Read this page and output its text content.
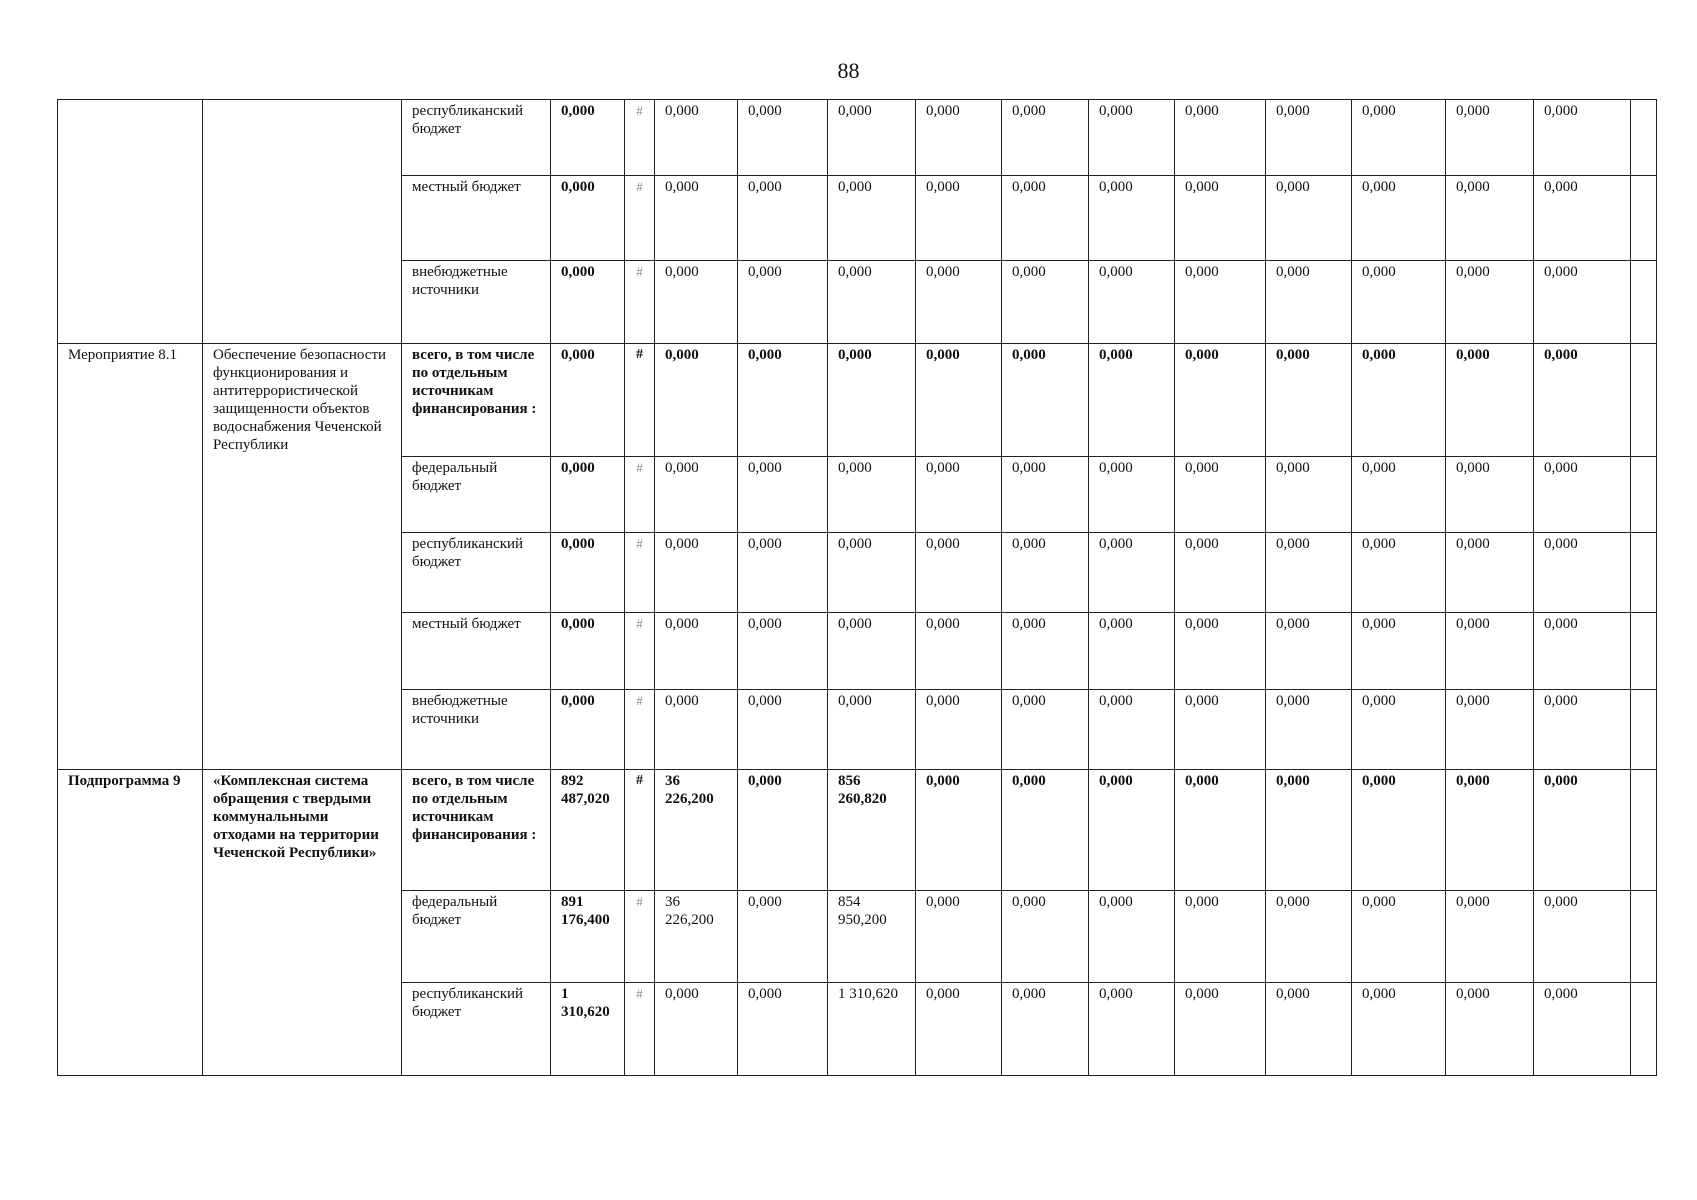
88
		республиканский бюджет	0,000	#	0,000	0,000	0,000	0,000	0,000	0,000	0,000	0,000	0,000	0,000	0,000	
		местный бюджет	0,000	#	0,000	0,000	0,000	0,000	0,000	0,000	0,000	0,000	0,000	0,000	0,000	
		внебюджетные источники	0,000	#	0,000	0,000	0,000	0,000	0,000	0,000	0,000	0,000	0,000	0,000	0,000	
Мероприятие 8.1	Обеспечение безопасности функционирования и антитеррористической защищенности объектов водоснабжения Чеченской Республики	всего, в том числе по отдельным источникам финансирования :	0,000	#	0,000	0,000	0,000	0,000	0,000	0,000	0,000	0,000	0,000	0,000	0,000	
		федеральный бюджет	0,000	#	0,000	0,000	0,000	0,000	0,000	0,000	0,000	0,000	0,000	0,000	0,000	
		республиканский бюджет	0,000	#	0,000	0,000	0,000	0,000	0,000	0,000	0,000	0,000	0,000	0,000	0,000	
		местный бюджет	0,000	#	0,000	0,000	0,000	0,000	0,000	0,000	0,000	0,000	0,000	0,000	0,000	
		внебюджетные источники	0,000	#	0,000	0,000	0,000	0,000	0,000	0,000	0,000	0,000	0,000	0,000	0,000	
Подпрограмма 9	«Комплексная система обращения с твердыми коммунальными отходами на территории Чеченской Республики»	всего, в том числе по отдельным источникам финансирования :	892 487,020	#	36 226,200	0,000	856 260,820	0,000	0,000	0,000	0,000	0,000	0,000	0,000	0,000	
		федеральный бюджет	891 176,400	#	36 226,200	0,000	854 950,200	0,000	0,000	0,000	0,000	0,000	0,000	0,000	0,000	
		республиканский бюджет	1 310,620	#	0,000	0,000	1 310,620	0,000	0,000	0,000	0,000	0,000	0,000	0,000	0,000	
